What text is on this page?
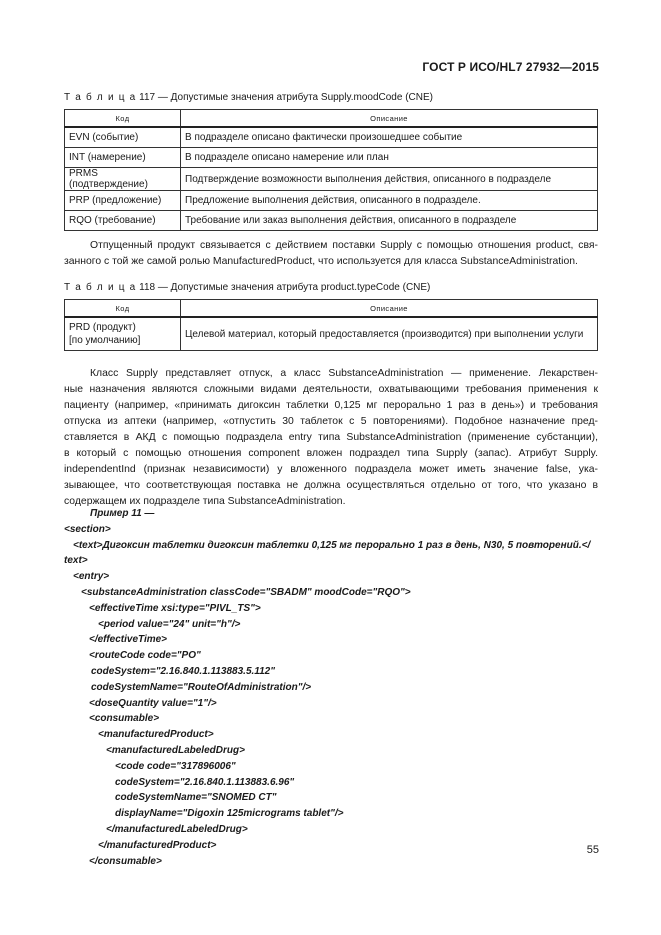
ГОСТ Р ИСО/HL7 27932—2015
Т а б л и ц а 117 — Допустимые значения атрибута Supply.moodCode (CNE)
Код	Описание
EVN (событие)	В подразделе описано фактически произошедшее событие
INT (намерение)	В подразделе описано намерение или план
PRMS (подтверждение)	Подтверждение возможности выполнения действия, описанного в подразделе
PRP (предложение)	Предложение выполнения действия, описанного в подразделе.
RQO (требование)	Требование или заказ выполнения действия, описанного в подразделе
Отпущенный продукт связывается с действием поставки Supply с помощью отношения product, свя-
занного с той же самой ролью ManufacturedProduct, что используется для класса SubstanceAdministration.
Т а б л и ц а 118 — Допустимые значения атрибута product.typeCode (CNE)
Код	Описание
PRD (продукт)
[по умолчанию]	Целевой материал, который предоставляется (производится) при выполнении услуги
Класс Supply представляет отпуск, а класс SubstanceAdministration — применение. Лекарствен-
ные назначения являются сложными видами деятельности, охватывающими требования применения к
пациенту (например, «принимать дигоксин таблетки 0,125 мг перорально 1 раз в день») и требования
отпуска из аптеки (например, «отпустить 30 таблеток с 5 повторениями). Подобное назначение пред-
ставляется в АКД с помощью подраздела entry типа SubstanceAdministration (применение субстанции),
в который с помощью отношения component вложен подраздел типа Supply (запас). Атрибут Supply.
independentInd (признак независимости) у вложенного подраздела может иметь значение false, ука-
зывающее, что соответствующая поставка не должна осуществляться отдельно от того, что указано в
содержащем их подразделе типа SubstanceAdministration.
Пример 11 —
<section>
<text>Дигоксин таблетки дигоксин таблетки 0,125 мг перорально 1 раз в день, N30, 5 повторений.</
text>
<entry>
<substanceAdministration classCode="SBADM" moodCode="RQO">
<effectiveTime xsi:type="PIVL_TS">
<period value="24" unit="h"/>
</effectiveTime>
<routeCode code="PO"
codeSystem="2.16.840.1.113883.5.112"
codeSystemName="RouteOfAdministration"/>
<doseQuantity value="1"/>
<consumable>
<manufacturedProduct>
<manufacturedLabeledDrug>
<code code="317896006"
codeSystem="2.16.840.1.113883.6.96"
codeSystemName="SNOMED CT"
displayName="Digoxin 125micrograms tablet"/>
</manufacturedLabeledDrug>
</manufacturedProduct>
</consumable>
55
